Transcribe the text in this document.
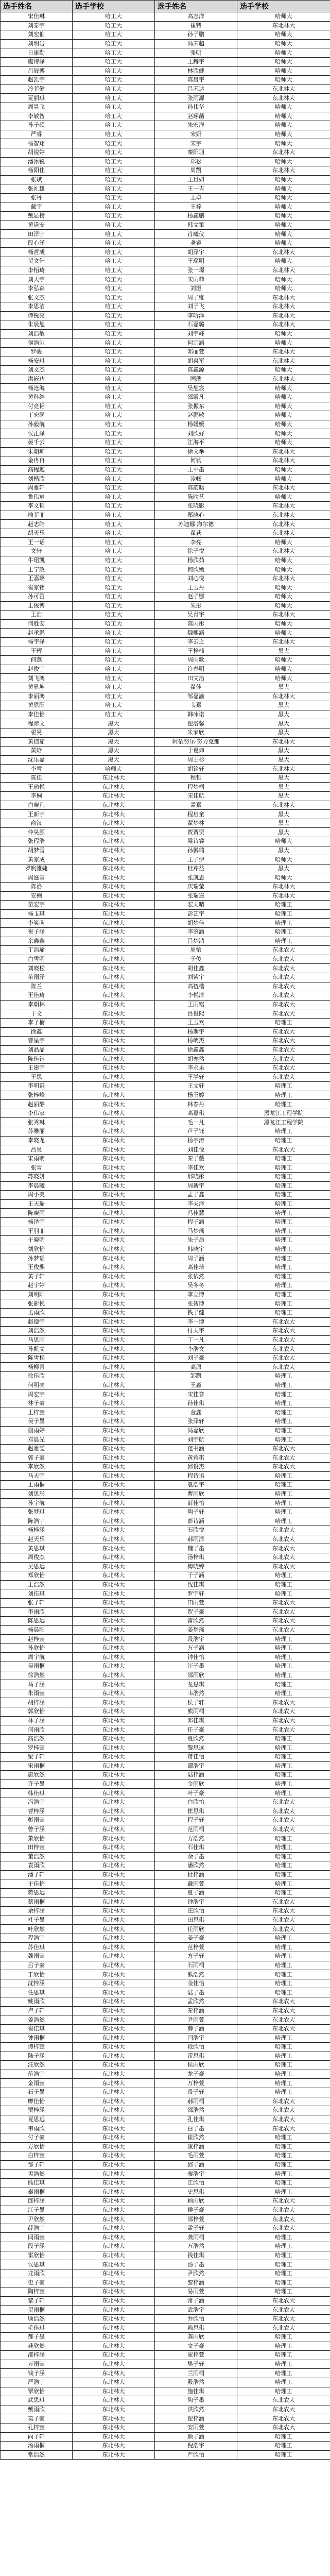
选手姓名	选手学校	选手姓名	选手学校
宋佳琳	哈工大	高志洋	哈师大
刘泰宇	哈工大	崔特	东北林大
刘宏伯	哈工大	孙子鹏	哈师大
刘明岩	哈工大	冯宋超	哈师大
日康勤	哈工大	张明	哈师大
虞诗泽	哈工大	王赫宇	哈师大
吕辰博	哈工大	林欣健	哈师大
赵凯宇	哈工大	陈晨宇	哈师大
冷菲健	哈工大	吕禾达	东北林大
夏丽琪	哈工大	张雨源	东北林大
周昱飞	哈工大	孙伟华	哈师大
李敏智	哈工大	赵琢菡	哈师大
孙子硕	哈工大	朱宏洋	哈师大
严睿	哈工大	宋妍	哈师大
杨智翔	哈工大	宋宇	哈师大
胡锐婷	哈工大	秦阳羽	东北林大
潘冰锐	哈工大	郑松	哈师大
杨阳佳	哈工大	周凯	东北林大
张斌	哈工大	王旦如	哈师大
张礼雄	哈工大	王一吉	哈师大
张丹	哈工大	王卓	哈师大
戴宇	哈工大	王梓	哈师大
戴显榜	哈工大	杨鑫鹏	哈师大
黄道安	哈工大	韩文策	哈师大
田泽宇	哈工大	肖曦仪	哈师大
段心洋	哈工大	龚睿	哈师大
杨哲成	哈工大	胡泽宇	东北林大
贺文轩	哈工大	王琛明	哈师大
李栢琦	哈工大	张一璟	东北林大
刘天宇	哈工大	宋雨菲	哈师大
李弘森	哈工大	刘澄	哈师大
张文杰	哈工大	周子维	东北林大
李思洁	哈工大	刘子飞	东北林大
谭锐亮	哈工大	李昕泽	东北林大
朱晨旭	哈工大	石嘉璐	东北林大
刘浩敏	哈工大	刘宇峰	哈师大
侯浩驰	哈工大	何宗涵	哈师大
罗骏	哈工大	邓丽萱	东北林大
杨安琪	哈工大	胡喜军	东北林大
刘文杰	哈工大	陈鑫源	哈师大
洪嵌达	哈工大	国瑞	东北林大
杨沧海	哈工大	吴旭宸	哈师大
黄科维	哈工大	邵霞凡	哈师大
付竞韬	哈工大	张振东	哈师大
丁宏润	哈工大	赵鹏敏	哈师大
孙毅航	哈工大	杨媛媛	哈师大
侯正泽	哈工大	刘欣妤	哈师大
晏千云	哈工大	江海平	哈师大
朱朝坤	哈工大	徐文举	东北林大
金冉冉	哈工大	何钧	东北林大
高程迦	哈工大	王平墨	哈师大
刘楷欣	哈工大	凌畅	哈师大
周雅轩	哈工大	陈韵晗	东北林大
鲁伟宸	哈工大	陈昀艺	哈师大
李文韬	哈工大	张晓影	东北林大
喻菲菲	哈工大	郑晓心	东北林大
赵志皓	哈工大	苏迪娜·海尔德	东北林大
胡天乐	哈工大	翟荻	东北林大
王一话	哈工大	李亮	哈师大
文轩	哈工大	徐子悦	东北林大
牛珺凯	哈工大	杨欣茹	哈师大
王宁政	哈工大	何欣嫣	哈师大
王嘉璐	哈工大	刘心悦	东北林大
崔家铭	哈工大	王玉丹	哈师大
孙可笛	哈工大	赵子娜	哈师大
王俊博	哈工大	朱彤	哈师大
王浩	哈工大	吴青宇	东北林大
何胜安	哈工大	陈雨彤	哈师大
赵承鹏	哈工大	魏熙涵	哈师大
杨宇泽	哈工大	李云之	东北林大
王辉	哈工大	王梓楠	黑大
何燕	哈工大	周雨歌	哈师大
赵俊宇	哈工大	许春明	哈师大
刘飞鸿	哈工大	田文治	哈师大
黄显坤	哈工大	翟佳	黑大
李丽鸿	哈工大	邹嘉渝	东北林大
黄恩阳	哈工大	韦嘉	黑大
李佳怡	哈工大	韩冰诺	黑大
程彦文	黑大	翟洛馨	黑大
翟昊	黑大	朱家欣	黑大
黄信茹	黑大	阿依努尔·努力克那	东北林大
黄焓	黑大	于夏炜	黑大
沈乐嘉	黑大	周王杉	黑大
李雪	哈师大	胡铭轩	东北林大
陈佳	东北林大	程哲	黑大
王瑜悦	东北林大	程梦桐	黑大
李桐	东北林大	宋佳航	黑大
白晓凡	东北林大	孟嘉	东北林大
王新宇	东北林大	程启童	黑大
俞汉	东北林大	翟梦林	黑大
仲昊源	东北林大	贾贾贾	黑大
张程浩	东北林大	梁诗睿	哈师大
胡梦雪	东北林大	孙鹏瑞	黑大
黄家成	东北林大	王子伊	哈师大
罗帆雅婕	东北林大	杜芹益	黑大
周滋睿	东北林大	张凯恩	哈师大
陈洛	东北林大	庆瑞莹	东北林大
安楠	东北林大	张瑞宸	东北林大
苗宏宇	东北林大	宏天晴	哈理工
杨玉琪	东北林大	彭艺宇	哈理工
李笑萌	东北林大	胡梦佳	哈理工
崔子涵	东北林大	李鉴涵	哈理工
余鑫鑫	东北林大	吕梦鸿	哈理工
丁浩瑜	东北林大	周怡	东北农大
白雪明	东北林大	于俊	东北农大
刘晓松	东北林大	胡佳鑫	东北农大
苗雨泽	东北林大	刘紫宇	东北农大
陈兰	东北林大	高伍楷	东北农大
王佳琦	东北林大	李悦淳	东北农大
李朝林	东北林大	王雨铭	东北农大
于文	东北林大	吕俊熙	东北农大
李子楠	东北林大	王玉欢	哈理工
徐鑫	东北林大	杨斯宇	东北农大
曹星宇	东北林大	杨萌杰	东北农大
刘晶晶	东北林大	徐鑫鑫	东北农大
陈佳钰	东北林大	胡亦然	东北农大
王建宇	东北林大	李永乐	东北农大
王思	东北林大	王学轩	东北农大
李明谦	东北林大	王文轩	哈理工
张梓峰	东北林大	杨玉婷	哈理工
赵丽静	东北林大	林春丹	哈理工
李伟家	东北林大	高嘉琪	黑龙江工程学院
张秀琳	东北林大	毛一凡	黑龙江工程学院
苏雅丽	东北林大	芦子钰	哈理工
李晓龙	东北林大	杨宇涛	哈理工
吕昊	东北林大	刘佳悦	东北农大
宋雨萌	东北林大	秦子薇	哈理工
张雪	东北林大	李佳欢	哈理工
苏晓妍	东北林大	邢晓彤	哈理工
李晨曦	东北林大	周新宇	哈理工
周小美	东北林大	孟子鑫	哈理工
王天瑞	东北林大	李天泽	哈理工
陈晓雨	东北林大	冯佳慧	哈理工
杨泽宇	东北林大	程子涵	哈理工
王羽菲	东北林大	马梦瑶	哈理工
于晓明	东北林大	朱子昂	哈理工
刘欣怡	东北林大	韩晓宇	哈理工
孙梦瑶	东北林大	周子涵	哈理工
王俊熙	东北林大	高佳琦	哈理工
黄子轩	东北林大	张依然	哈理工
赵宇婷	东北林大	吴冬冬	哈理工
刘明阳	东北林大	李立博	哈理工
张新悦	东北林大	张智博	哈理工
孟雨欣	东北林大	钱子健	哈理工
赵德宇	东北林大	李一博	东北农大
刘浩然	东北林大	付天宇	东北农大
马思雨	东北林大	丁一凡	东北农大
孙凯文	东北林大	李浩文	东北农大
陈雪松	东北林大	刘子豪	东北农大
杨柳青	东北林大	高原	东北农大
徐佳欣	东北林大	邹凯	哈理工
何明亮	东北林大	王淼	哈理工
周宏宇	东北林大	宋佳音	哈理工
林子豪	东北林大	孙佳琪	哈理工
王梓萱	东北林大	金鑫	哈理工
吴子墨	东北林大	张泽轩	哈理工
谢雨婷	东北林大	冯嘉欣	哈理工
邓晨光	东北林大	刘宇航	哈理工
赵雅雯	东北林大	范书涵	东北农大
郭子豪	东北林大	黄雅琪	东北农大
李欣然	东北林大	邱俊杰	东北农大
马天宇	东北林大	程诗语	哈理工
王雨桐	东北林大	袁浩宇	哈理工
刘思彤	东北林大	曹雨欣	哈理工
孙宇航	东北林大	薛佳怡	哈理工
张梦琪	东北林大	陶子轩	哈理工
陈浩宇	东北林大	彭诗涵	哈理工
杨梓涵	东北林大	石欣悦	东北农大
赵天乐	东北林大	郝雨泽	东北农大
黄思琪	东北林大	魏子墨	东北农大
周俊杰	东北林大	汤梓琪	东北农大
吴思远	东北林大	傅晓婷	东北农大
郑欣怡	东北林大	于子涵	哈理工
王浩然	东北林大	沈佳琪	哈理工
刘佳琪	东北林大	罗宇轩	哈理工
张子轩	东北林大	田雨萱	东北农大
李雨欣	东北林大	贺子豪	东北农大
陈思远	东北林大	雷欣然	东北农大
杨晨阳	东北林大	姜梦瑶	东北农大
赵梓萱	东北林大	段浩宇	哈理工
孙欣怡	东北林大	万子涵	哈理工
周宇航	东北林大	钟佳怡	哈理工
吴雨桐	东北林大	汪子墨	哈理工
徐浩然	东北林大	邵雨欣	哈理工
马子涵	东北林大	龙思琪	哈理工
朱雨萱	东北林大	韦浩然	哈理工
胡梓涵	东北林大	侯子轩	东北农大
郭欣怡	东北林大	熊雨桐	东北农大
林子涵	东北林大	邓佳琪	东北农大
何雨欣	东北林大	任子豪	东北农大
高浩然	东北林大	夏欣然	哈理工
罗梓萱	东北林大	黎思远	哈理工
梁子轩	东北林大	蒋佳怡	哈理工
宋雨桐	东北林大	谭浩宇	哈理工
唐欣然	东北林大	陆梓涵	哈理工
许子墨	东北林大	金雨欣	哈理工
韩佳琪	东北林大	叶子豪	哈理工
冯浩宇	东北林大	白欣怡	东北农大
曹梓涵	东北林大	崔思琪	东北农大
彭雨萱	东北林大	程子轩	东北农大
曾子涵	东北林大	范雨桐	东北农大
萧欣怡	东北林大	方浩然	哈理工
田梓萱	东北林大	石佳琪	哈理工
董浩然	东北林大	余子墨	哈理工
袁雨欣	东北林大	潘欣然	哈理工
潘子轩	东北林大	杜梓涵	哈理工
于佳怡	东北林大	戴雨萱	哈理工
蒋思远	东北林大	夏子涵	哈理工
蔡雨桐	东北林大	钟浩宇	东北农大
余梓涵	东北林大	汪欣怡	东北农大
杜子墨	东北林大	田思琪	东北农大
叶欣然	东北林大	任雨欣	东北农大
程浩宇	东北林大	姜子豪	哈理工
苏佳琪	东北林大	范梓萱	哈理工
魏雨萱	东北林大	方子轩	哈理工
吕子豪	东北林大	石雨桐	哈理工
丁欣怡	东北林大	熊浩然	哈理工
沈梓涵	东北林大	金佳怡	哈理工
任思琪	东北林大	陆子墨	哈理工
姚雨欣	东北林大	孟欣然	东北农大
卢子轩	东北林大	秦梓涵	东北农大
姜浩然	东北林大	尹雨萱	东北农大
崔佳琪	东北林大	薛子涵	东北农大
钟雨桐	东北林大	闫浩宇	哈理工
谭梓萱	东北林大	段欣怡	哈理工
陆子涵	东北林大	雷思琪	哈理工
汪欣然	东北林大	侯雨欣	哈理工
范浩宇	东北林大	龙子豪	哈理工
金雨萱	东北林大	万梓萱	哈理工
石子墨	东北林大	段子轩	哈理工
廖佳怡	东北林大	郝雨桐	东北农大
贾梓涵	东北林大	邵浩然	东北农大
夏思远	东北林大	孔佳琪	东北农大
韦雨欣	东北林大	白子墨	东北农大
付子豪	东北林大	崔欣然	哈理工
方欣怡	东北林大	康梓涵	哈理工
白梓萱	东北林大	毛雨萱	哈理工
邹子轩	东北林大	邱子涵	哈理工
孟浩然	东北林大	秦浩宇	哈理工
熊佳琪	东北林大	江欣怡	哈理工
秦雨桐	东北林大	史思琪	哈理工
邱梓涵	东北林大	顾雨欣	东北农大
江子墨	东北林大	侯子豪	东北农大
尹欣然	东北林大	邵梓萱	东北农大
薛浩宇	东北林大	孟子轩	东北农大
闫雨萱	东北林大	龚雨桐	哈理工
段子涵	东北林大	万浩然	哈理工
雷欣怡	东北林大	钱佳琪	哈理工
侯思琪	东北林大	汤子墨	哈理工
龙雨欣	东北林大	尹欣然	哈理工
史子豪	东北林大	黎梓涵	哈理工
陶梓萱	东北林大	易雨萱	哈理工
黎子轩	东北林大	常子涵	东北农大
贺雨桐	东北林大	武浩宇	东北农大
顾浩然	东北林大	乔欣怡	东北农大
毛佳琪	东北林大	赖思琪	东北农大
郝子墨	东北林大	龚雨欣	哈理工
龚欣然	东北林大	文子豪	哈理工
邵梓涵	东北林大	庞梓萱	哈理工
万雨萱	东北林大	樊子轩	哈理工
钱子涵	东北林大	兰雨桐	哈理工
严浩宇	东北林大	殷浩然	哈理工
覃欣怡	东北林大	施佳琪	哈理工
武思琪	东北林大	陶子墨	东北农大
戴雨欣	东北林大	洪欣然	东北农大
莫子豪	东北林大	翟梓涵	东北农大
孔梓萱	东北林大	安雨萱	东北农大
向子轩	东北林大	颜子涵	哈理工
汤雨桐	东北林大	倪浩宇	哈理工
常浩然	东北林大	严欣怡	哈理工
